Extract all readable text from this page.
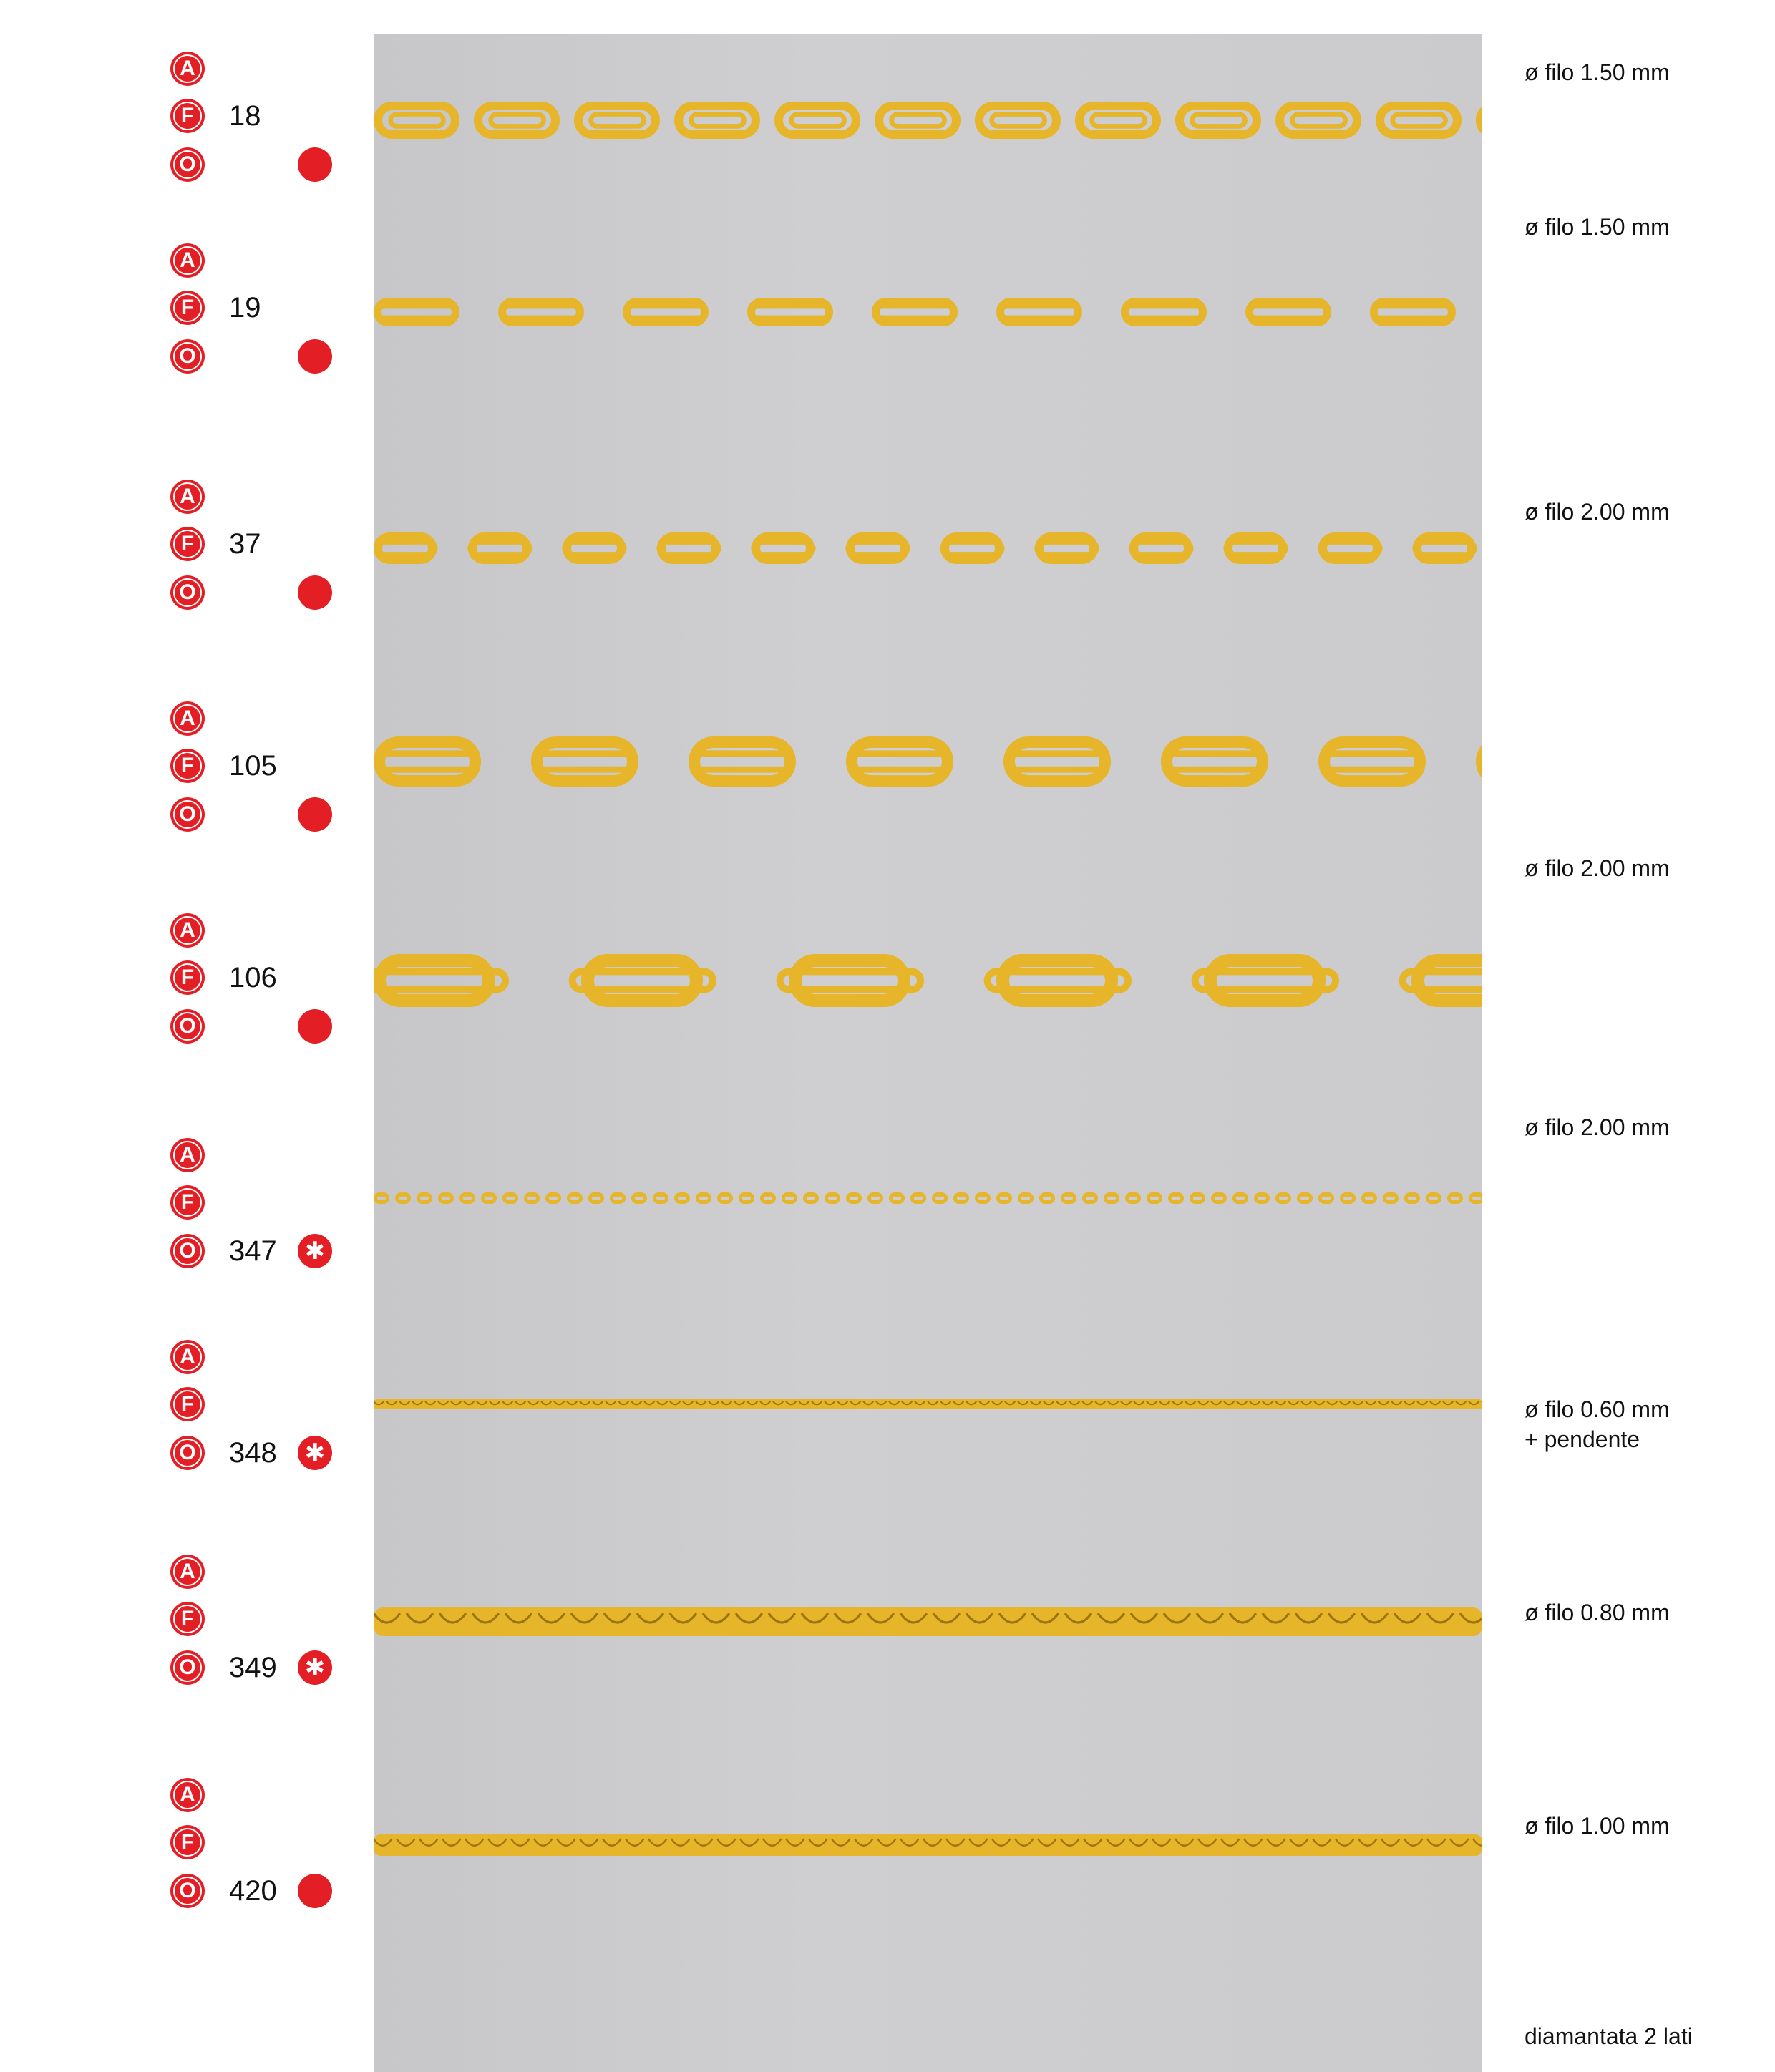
A
F
O
18
ø filo 1.50 mm
A
F
O
19
ø filo 1.50 mm
A
F
O
37
ø filo 2.00 mm
A
F
O
105
ø filo 2.00 mm
A
F
O
106
ø filo 2.00 mm
A
F
O 347
✱
ø filo 0.60 mm
+ pendente
A
F
O 348
✱
ø filo 0.80 mm
A
F
O 349
✱
ø filo 1.00 mm
A
F
O 420
diamantata 2 lati
